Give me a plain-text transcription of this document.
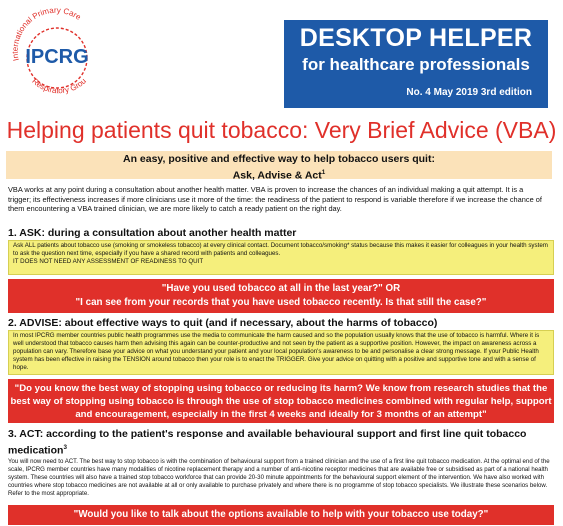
International Primary Care
Respiratory Grou
IPCRG
DESKTOP HELPER
for healthcare professionals
No. 4 May 2019 3rd edition
Helping patients quit tobacco: Very Brief Advice (VBA)
An easy, positive and effective way to help tobacco users quit:
Ask, Advise & Act$^1$
VBA works at any point during a consultation about another health matter. VBA is proven to increase the chances of an individual making a quit attempt. It is a trigger; its effectiveness increases if more clinicians use it more of the time: the readiness of the patient to respond is variable therefore if we increase the chance of them encountering a VBA trained clinician, we are more likely to catch a ready patient on the right day.
1. ASK: during a consultation about another health matter
Ask ALL patients about tobacco use (smoking or smokeless tobacco) at every clinical contact. Document tobacco/smoking* status because this makes it easier for colleagues in your health system to ask the question next time, especially if you have a shared record with patients and colleagues.
IT DOES NOT NEED ANY ASSESSMENT OF READINESS TO QUIT
"Have you used tobacco at all in the last year?" OR
"I can see from your records that you have used tobacco recently. Is that still the case?"
2. ADVISE: about effective ways to quit (and if necessary, about the harms of tobacco)
In most IPCRG member countries public health programmes use the media to communicate the harm caused and so the population usually knows that the use of tobacco is harmful. Where it is well understood that tobacco causes harm then advising this again can be counter-productive and not seen by the patient as a supportive position. However, the impact on awareness across a population can vary. Therefore base your advice on what you understand your patient and your local population's awareness to be and personalise a clear strong message. If your Public Health system has been effective in raising the TENSION around tobacco then your role is to enact the TRIGGER. Give your advice on quitting with a positive and supportive tone and with a sense of hope.
"Do you know the best way of stopping using tobacco or reducing its harm? We know from research studies that the best way of stopping using tobacco is through the use of stop tobacco medicines combined with regular help, support and encouragement, especially in the first 4 weeks and ideally for 3 months of an attempt"
3. ACT: according to the patient's response and available behavioural support and first line quit tobacco medication$^3$
You will now need to ACT. The best way to stop tobacco is with the combination of behavioural support from a trained clinician and the use of a first line quit tobacco medication. At the optimal end of the scale, IPCRG member countries have many modalities of nicotine replacement therapy and a number of anti-nicotine receptor medicines that are available free or subsidised as part of a national health system. These countries will also have a trained stop tobacco workforce that can provide 20-30 minute appointments for the behavioural support element of the intervention. We have also worked with countries where stop tobacco medicines are not available at all or only available to purchase privately and where there is no programme of stop tobacco specialists. We illustrate these scenarios below. Refer to the most appropriate.
"Would you like to talk about the options available to help with your tobacco use today?"
